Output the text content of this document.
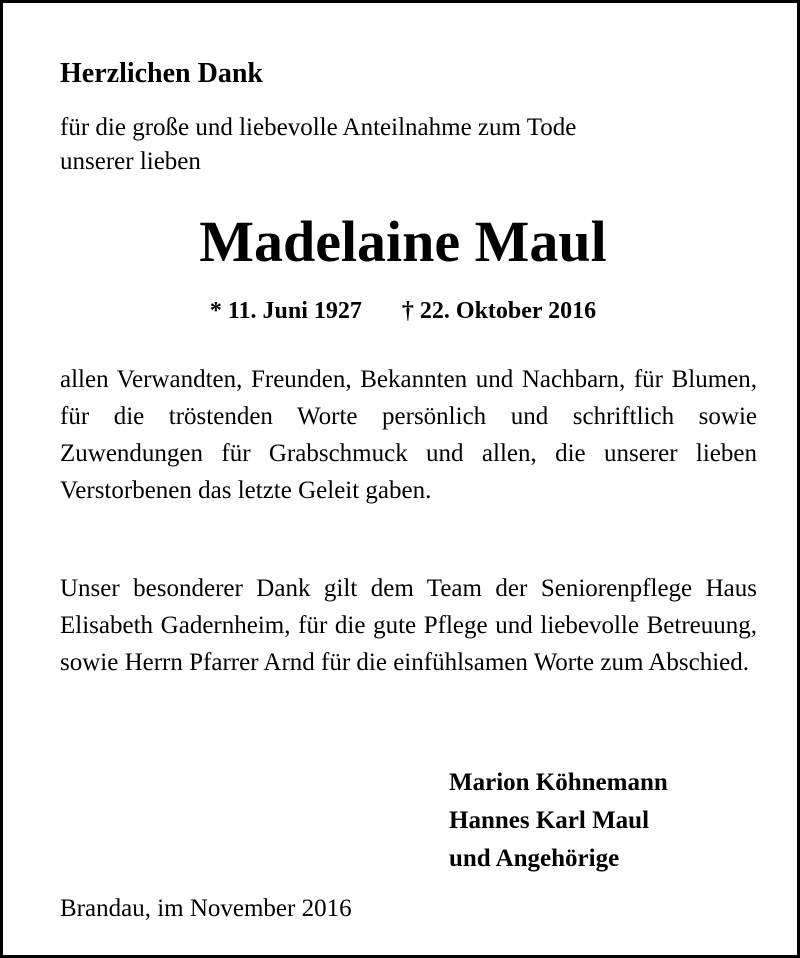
Herzlichen Dank
für die große und liebevolle Anteilnahme zum Tode
unserer lieben
Madelaine Maul
* 11. Juni 1927 † 22. Oktober 2016

allen Verwandten, Freunden, Bekannten und Nachbarn, für Blumen, für die tröstenden Worte persönlich und schriftlich sowie Zuwendungen für Grabschmuck und allen, die unserer lieben Verstorbenen das letzte Geleit gaben.

Unser besonderer Dank gilt dem Team der Seniorenpflege Haus Elisabeth Gadernheim, für die gute Pflege und liebevolle Betreuung, sowie Herrn Pfarrer Arnd für die einfühlsamen Worte zum Abschied.

Marion Köhnemann
Hannes Karl Maul
und Angehörige
Brandau, im November 2016
